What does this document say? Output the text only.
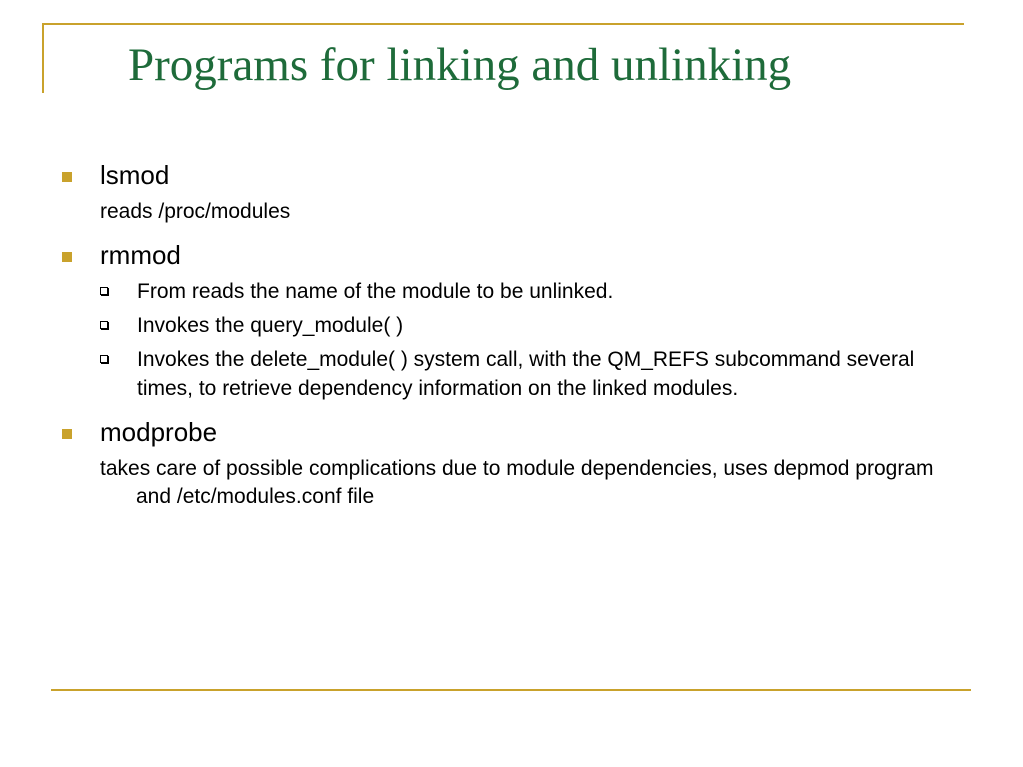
Programs for linking and unlinking
lsmod
reads /proc/modules
rmmod
From reads the name of the module to be unlinked.
Invokes the query_module( )
Invokes the delete_module( ) system call, with the QM_REFS subcommand several times, to retrieve dependency information on the linked modules.
modprobe
takes care of possible complications due to module dependencies, uses depmod program and /etc/modules.conf file
